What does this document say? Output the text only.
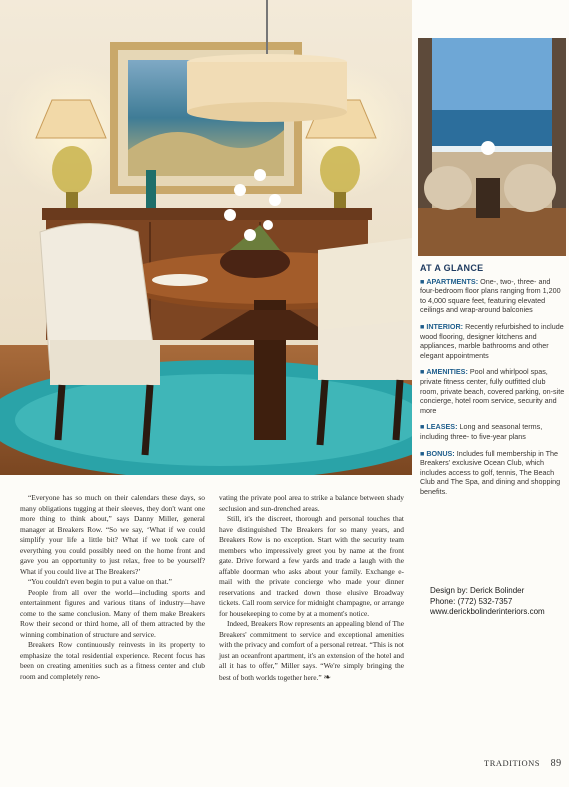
AT A GLANCE
■ APARTMENTS: One-, two-, three- and four-bedroom floor plans ranging from 1,200 to 4,000 square feet, featuring elevated ceilings and wrap-around balconies
■ INTERIOR: Recently refurbished to include wood flooring, designer kitchens and appliances, marble bathrooms and other elegant appointments
■ AMENITIES: Pool and whirlpool spas, private fitness center, fully outfitted club room, private beach, covered parking, on-site concierge, hotel room service, security and more
■ LEASES: Long and seasonal terms, including three- to five-year plans
■ BONUS: Includes full membership in The Breakers' exclusive Ocean Club, which includes access to golf, tennis, The Beach Club and The Spa, and dining and shopping benefits.
Design by: Derick Bolinder
Phone: (772) 532-7357
www.derickbolinderinteriors.com

“Everyone has so much on their calendars these days, so many obligations tugging at their sleeves, they don't want one more thing to think about,” says Danny Miller, general manager at Breakers Row. “So we say, ‘What if we could simplify your life a little bit? What if we took care of everything you could possibly need on the home front and gave you an opportunity to just relax, free to be yourself? What if you could live at The Breakers?’

“You couldn't even begin to put a value on that.”

People from all over the world—including sports and entertainment figures and various titans of industry—have come to the same conclusion. Many of them make Breakers Row their second or third home, all of them attracted by the winning combination of structure and service.

Breakers Row continuously reinvests in its property to emphasize the total residential experience. Recent focus has been on creating amenities such as a fitness center and club room and completely reno-

vating the private pool area to strike a balance between shady seclusion and sun-drenched areas.

Still, it's the discreet, thorough and personal touches that have distinguished The Breakers for so many years, and Breakers Row is no exception. Start with the security team members who impressively greet you by name at the front gate. Drive forward a few yards and trade a laugh with the affable doorman who asks about your family. Exchange e-mail with the private concierge who made your dinner reservations and tracked down those elusive Broadway tickets. Call room service for midnight champagne, or arrange for housekeeping to come by at a moment's notice.

Indeed, Breakers Row represents an appealing blend of The Breakers' commitment to service and exceptional amenities with the privacy and comfort of a personal retreat. “This is not just an oceanfront apartment, it's an extension of the hotel and all it has to offer,” Miller says. “We're simply bringing the best of both worlds together here.” ❧

TRADITIONS 89
